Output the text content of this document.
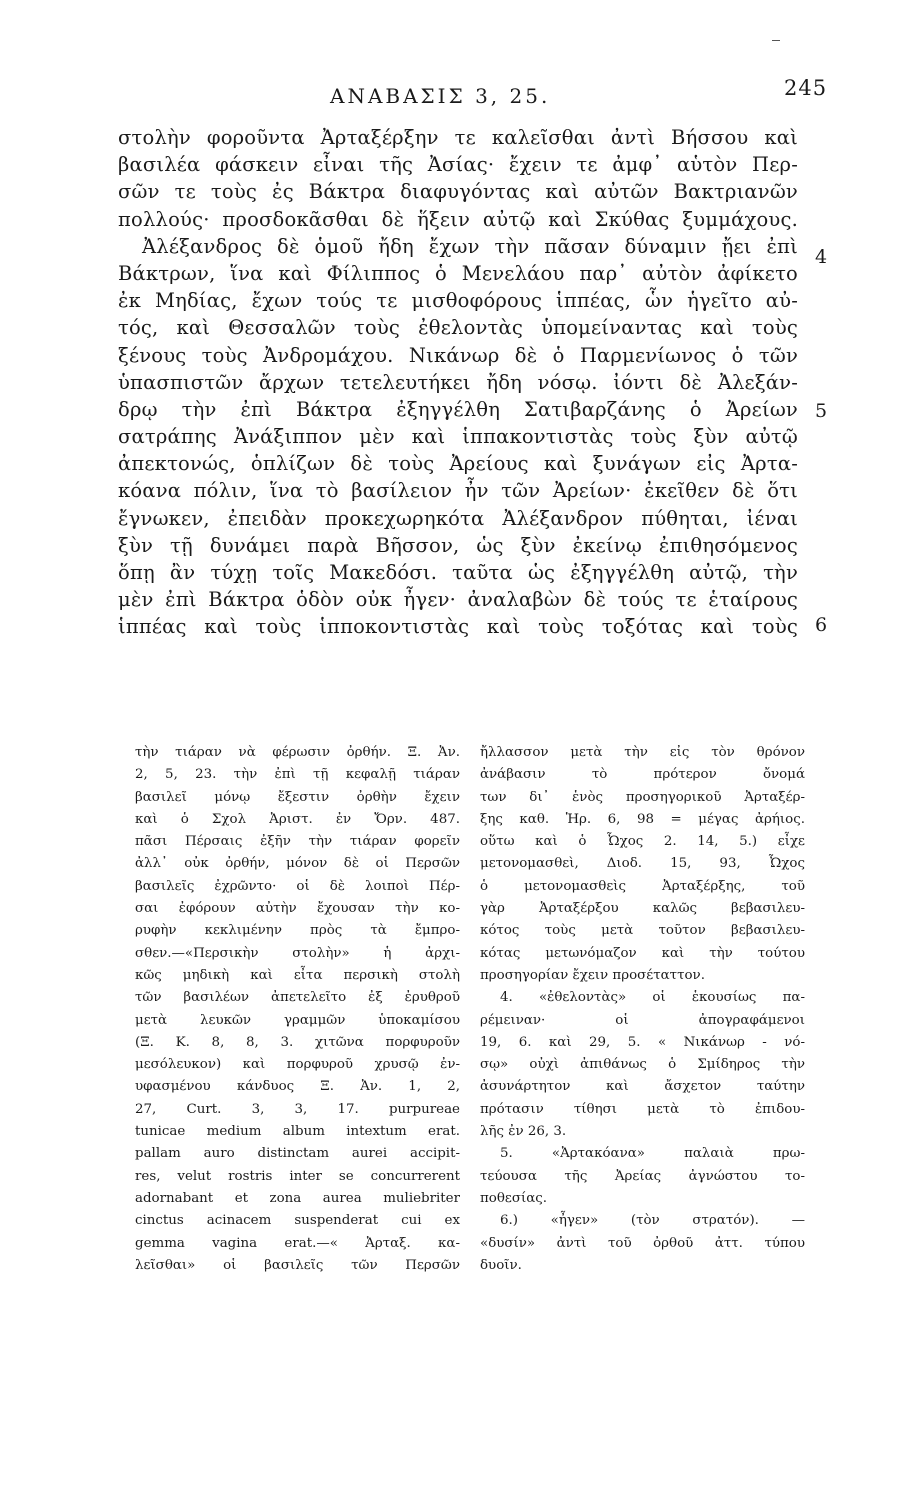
ΑΝΑΒΑΣΙΣ 3, 25.	245
στολὴν φοροῦντα Ἀρταξέρξην τε καλεῖσθαι ἀντὶ Βήσσου καὶ
βασιλέα φάσκειν εἶναι τῆς Ἀσίας· ἔχειν τε ἀμφ᾽ αὑτὸν Περ-
σῶν τε τοὺς ἐς Βάκτρα διαφυγόντας καὶ αὐτῶν Βακτριανῶν
πολλούς· προσδοκᾶσθαι δὲ ἥξειν αὐτῷ καὶ Σκύθας ξυμμάχους.
Ἀλέξανδρος δὲ ὁμοῦ ἤδη ἔχων τὴν πᾶσαν δύναμιν ᾔει ἐπὶ
Βάκτρων, ἵνα καὶ Φίλιππος ὁ Μενελάου παρ᾽ αὐτὸν ἀφίκετο
ἐκ Μηδίας, ἔχων τούς τε μισθοφόρους ἱππέας, ὧν ἡγεῖτο αὐ-
τός, καὶ Θεσσαλῶν τοὺς ἐθελοντὰς ὑπομείναντας καὶ τοὺς
ξένους τοὺς Ἀνδρομάχου. Νικάνωρ δὲ ὁ Παρμενίωνος ὁ τῶν
ὑπασπιστῶν ἄρχων τετελευτήκει ἤδη νόσῳ. ἰόντι δὲ Ἀλεξάν-
δρῳ τὴν ἐπὶ Βάκτρα ἐξηγγέλθη Σατιβαρζάνης ὁ Ἀρείων
σατράπης Ἀνάξιππον μὲν καὶ ἱππακοντιστὰς τοὺς ξὺν αὐτῷ
ἀπεκτονώς, ὁπλίζων δὲ τοὺς Ἀρείους καὶ ξυνάγων εἰς Ἀρτα-
κόανα πόλιν, ἵνα τὸ βασίλειον ἦν τῶν Ἀρείων· ἐκεῖθεν δὲ ὅτι
ἔγνωκεν, ἐπειδὰν προκεχωρηκότα Ἀλέξανδρον πύθηται, ἰέναι
ξὺν τῇ δυνάμει παρὰ Βῆσσον, ὡς ξὺν ἐκείνῳ ἐπιθησόμενος
ὅπῃ ἂν τύχῃ τοῖς Μακεδόσι. ταῦτα ὡς ἐξηγγέλθη αὐτῷ, τὴν
μὲν ἐπὶ Βάκτρα ὁδὸν οὐκ ἦγεν· ἀναλαβὼν δὲ τούς τε ἑταίρους
ἱππέας καὶ τοὺς ἱπποκοντιστὰς καὶ τοὺς τοξότας καὶ τοὺς
4
5
6
τὴν τιάραν νὰ φέρωσιν ὀρθήν. Ξ. Ἀν.
2, 5, 23. τὴν ἐπὶ τῇ κεφαλῇ τιάραν
βασιλεῖ μόνῳ ἔξεστιν ὀρθὴν ἔχειν
καὶ ὁ Σχολ Ἀριστ. ἐν Ὄρν. 487.
πᾶσι Πέρσαις ἐξῆν τὴν τιάραν φορεῖν
ἀλλ᾽ οὐκ ὀρθήν, μόνον δὲ οἱ Περσῶν
βασιλεῖς ἐχρῶντο· οἱ δὲ λοιποὶ Πέρ-
σαι ἐφόρουν αὐτὴν ἔχουσαν τὴν κο-
ρυφὴν κεκλιμένην πρὸς τὰ ἔμπρο-
σθεν.—«Περσικὴν στολὴν» ἡ ἀρχι-
κῶς μηδικὴ καὶ εἶτα περσικὴ στολὴ
τῶν βασιλέων ἀπετελεῖτο ἐξ ἐρυθροῦ
μετὰ λευκῶν γραμμῶν ὑποκαμίσου
(Ξ. Κ. 8, 8, 3. χιτῶνα πορφυροῦν
μεσόλευκον) καὶ πορφυροῦ χρυσῷ ἐν-
υφασμένου κάνδυος Ξ. Ἀν. 1, 2,
27, Curt. 3, 3, 17. purpureae
tunicae medium album intextum erat.
pallam auro distinctam aurei accipit-
res, velut rostris inter se concurrerent
adornabant et zona aurea muliebriter
cinctus acinacem suspenderat cui ex
gemma vagina erat.—« Ἀρταξ. κα-
λεῖσθαι» οἱ βασιλεῖς τῶν Περσῶν
ἤλλασσον μετὰ τὴν εἰς τὸν θρόνον
ἀνάβασιν τὸ πρότερον ὄνομά
των δι᾽ ἑνὸς προσηγορικοῦ Ἀρταξέρ-
ξης καθ. Ἡρ. 6, 98 = μέγας ἀρήιος.
οὕτω καὶ ὁ Ὦχος 2. 14, 5.) εἶχε
μετονομασθεὶ, Διοδ. 15, 93, Ὦχος
ὁ μετονομασθεὶς Ἀρταξέρξης, τοῦ
γὰρ Ἀρταξέρξου καλῶς βεβασιλευ-
κότος τοὺς μετὰ τοῦτον βεβασιλευ-
κότας μετωνόμαζον καὶ τὴν τούτου
προσηγορίαν ἔχειν προσέταττον.
4. «ἐθελοντὰς» οἱ ἑκουσίως πα-
ρέμειναν· οἱ ἀπογραφάμενοι
19, 6. καὶ 29, 5. « Νικάνωρ - νό-
σῳ» οὐχὶ ἀπιθάνως ὁ Σμίδηρος τὴν
ἀσυνάρτητον καὶ ἄσχετον ταύτην
πρότασιν τίθησι μετὰ τὸ ἐπιδου-
λῆς ἐν 26, 3.
5. «Ἀρτακόανα» παλαιὰ πρω-
τεύουσα τῆς Ἀρείας ἀγνώστου το-
ποθεσίας.
6.) «ἦγεν» (τὸν στρατόν). —
«δυσίν» ἀντὶ τοῦ ὀρθοῦ ἀττ. τύπου
δυοῖν.
